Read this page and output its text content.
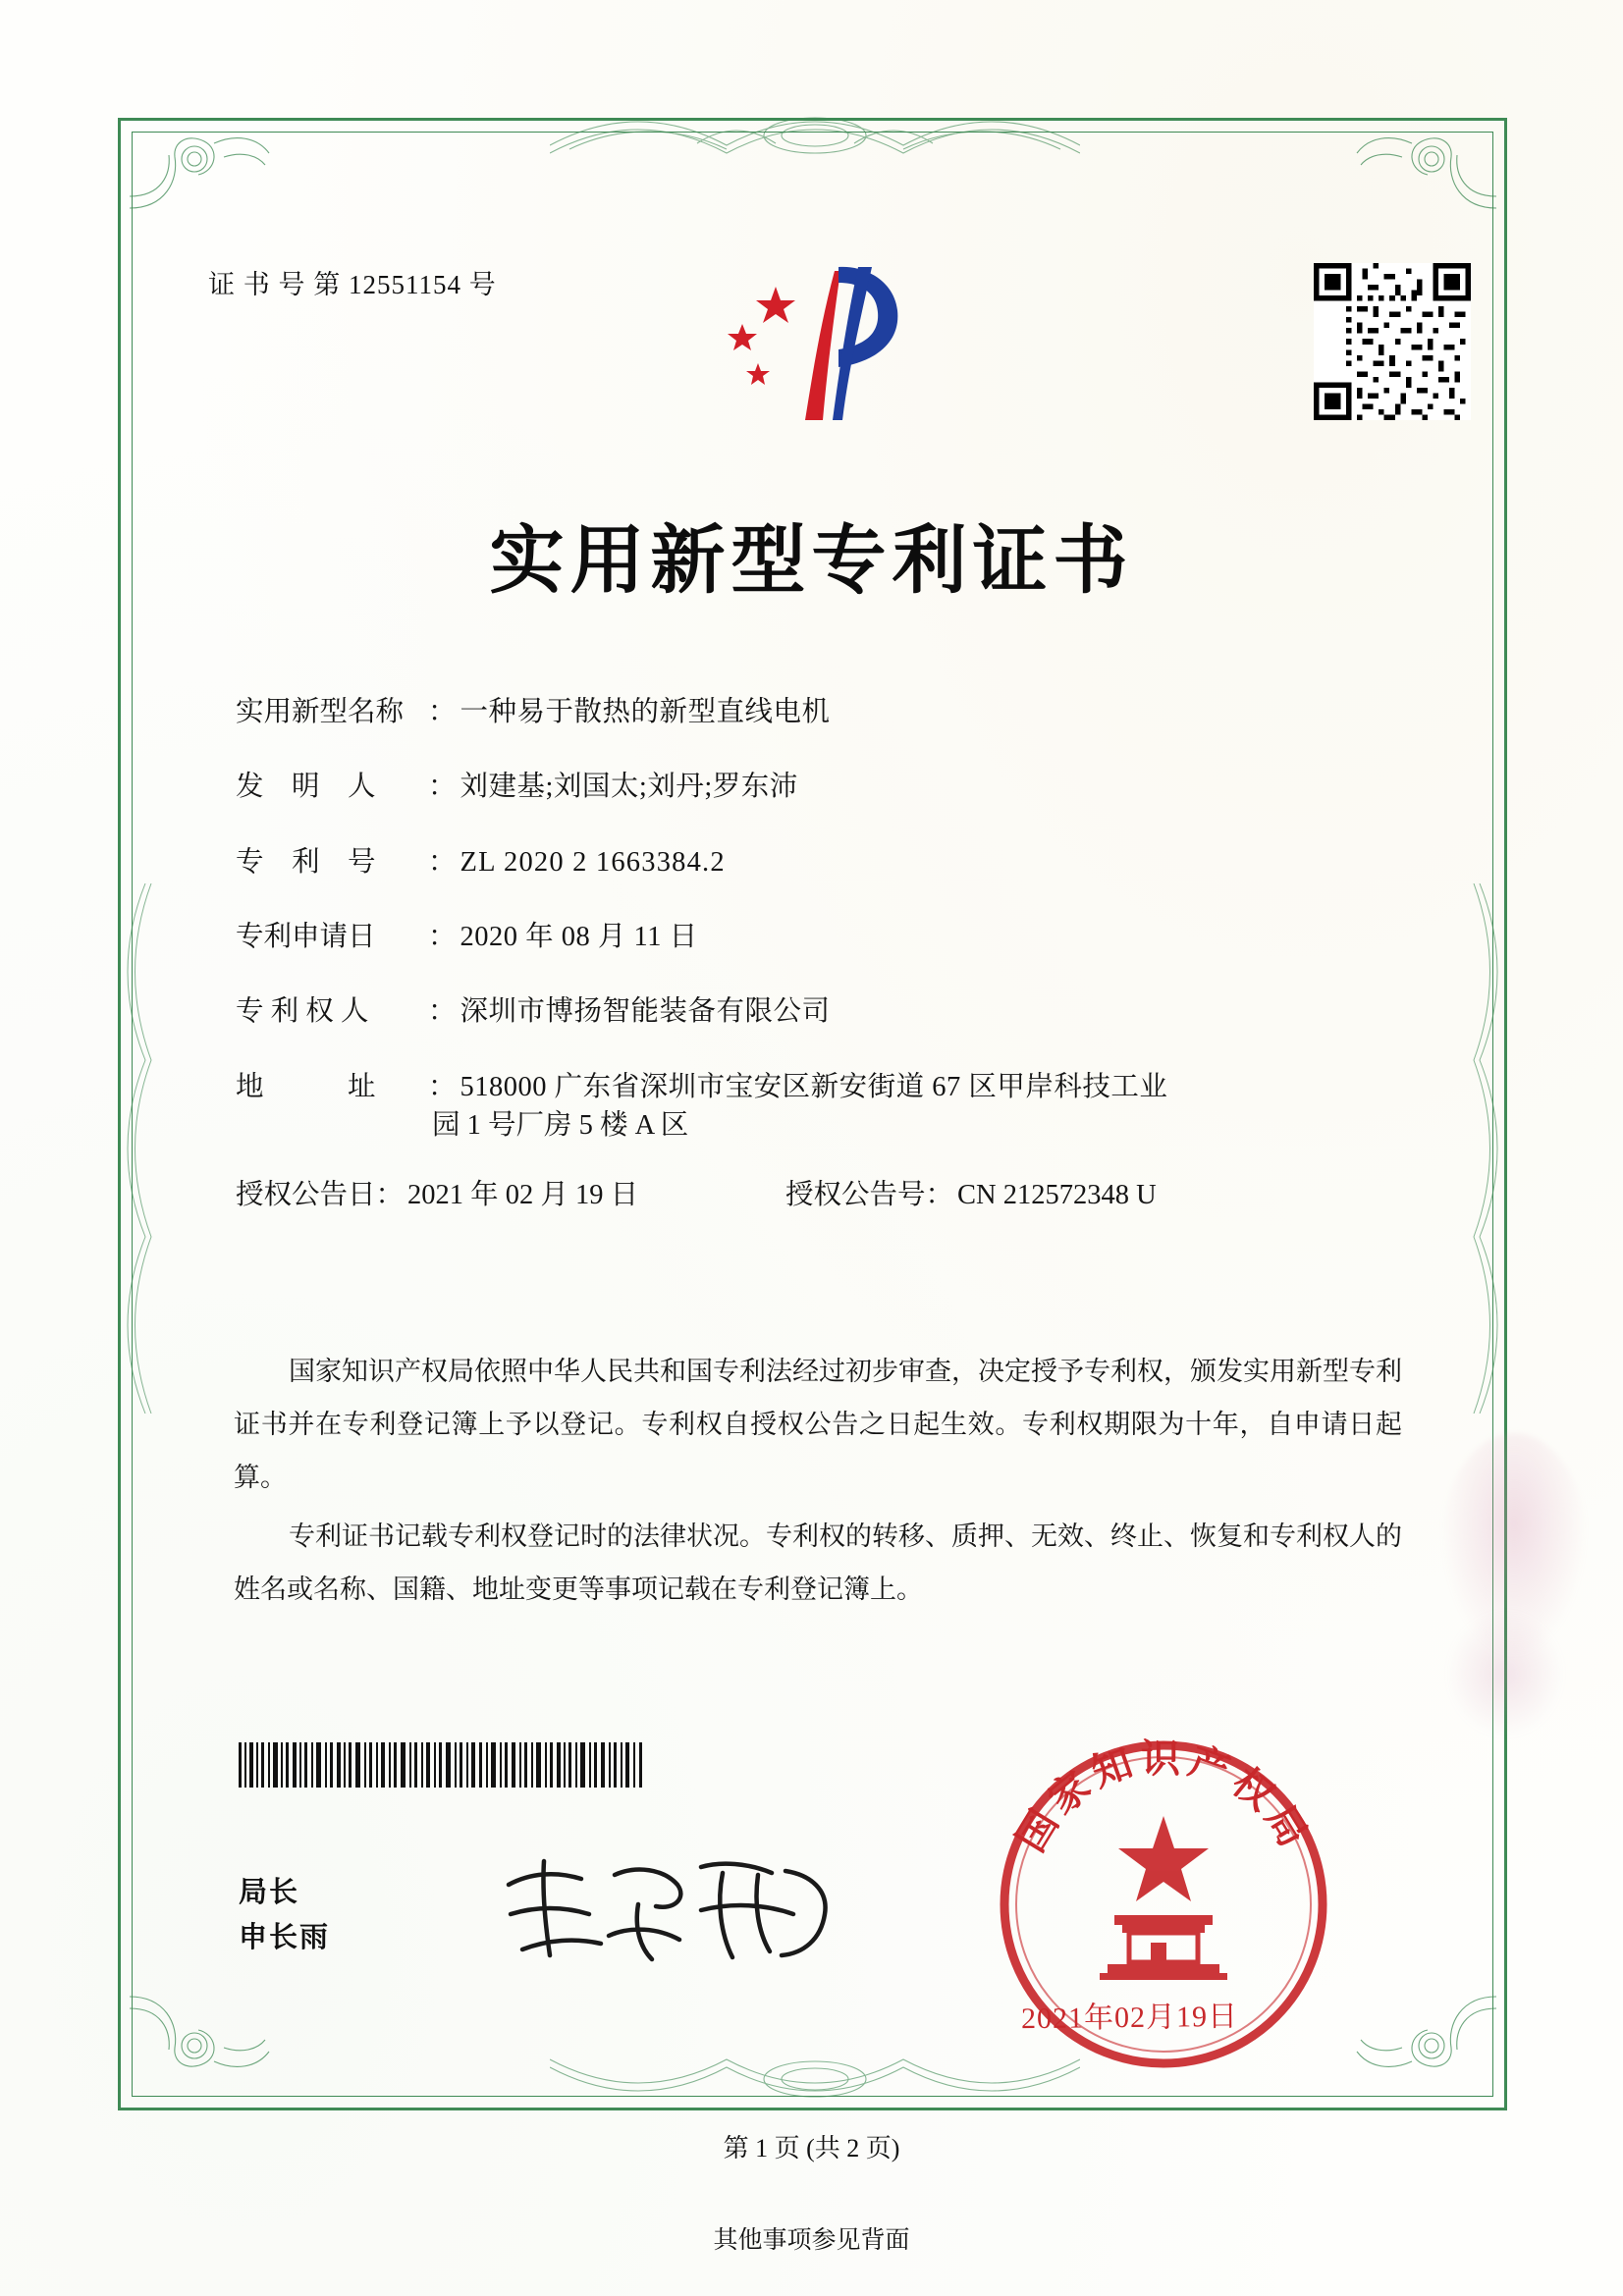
证 书 号 第 12551154 号
实用新型专利证书
实用新型名称 ： 一种易于散热的新型直线电机
发　明　人	： 刘建基;刘国太;刘丹;罗东沛
专　利　号	： ZL 2020 2 1663384.2
专利申请日	： 2020 年 08 月 11 日
专 利 权 人	： 深圳市博扬智能装备有限公司
地　　　址	： 518000 广东省深圳市宝安区新安街道 67 区甲岸科技工业
园 1 号厂房 5 楼 A 区
授权公告日 ： 2021 年 02 月 19 日	授权公告号 ： CN 212572348 U

国家知识产权局依照中华人民共和国专利法经过初步审查，决定授予专利权，颁发实用新型专利证书并在专利登记簿上予以登记。专利权自授权公告之日起生效。专利权期限为十年，自申请日起算。

专利证书记载专利权登记时的法律状况。专利权的转移、质押、无效、终止、恢复和专利权人的姓名或名称、国籍、地址变更等事项记载在专利登记簿上。

局长
申长雨
国家知识产权局
2021年02月19日
第 1 页 (共 2 页)
其他事项参见背面
